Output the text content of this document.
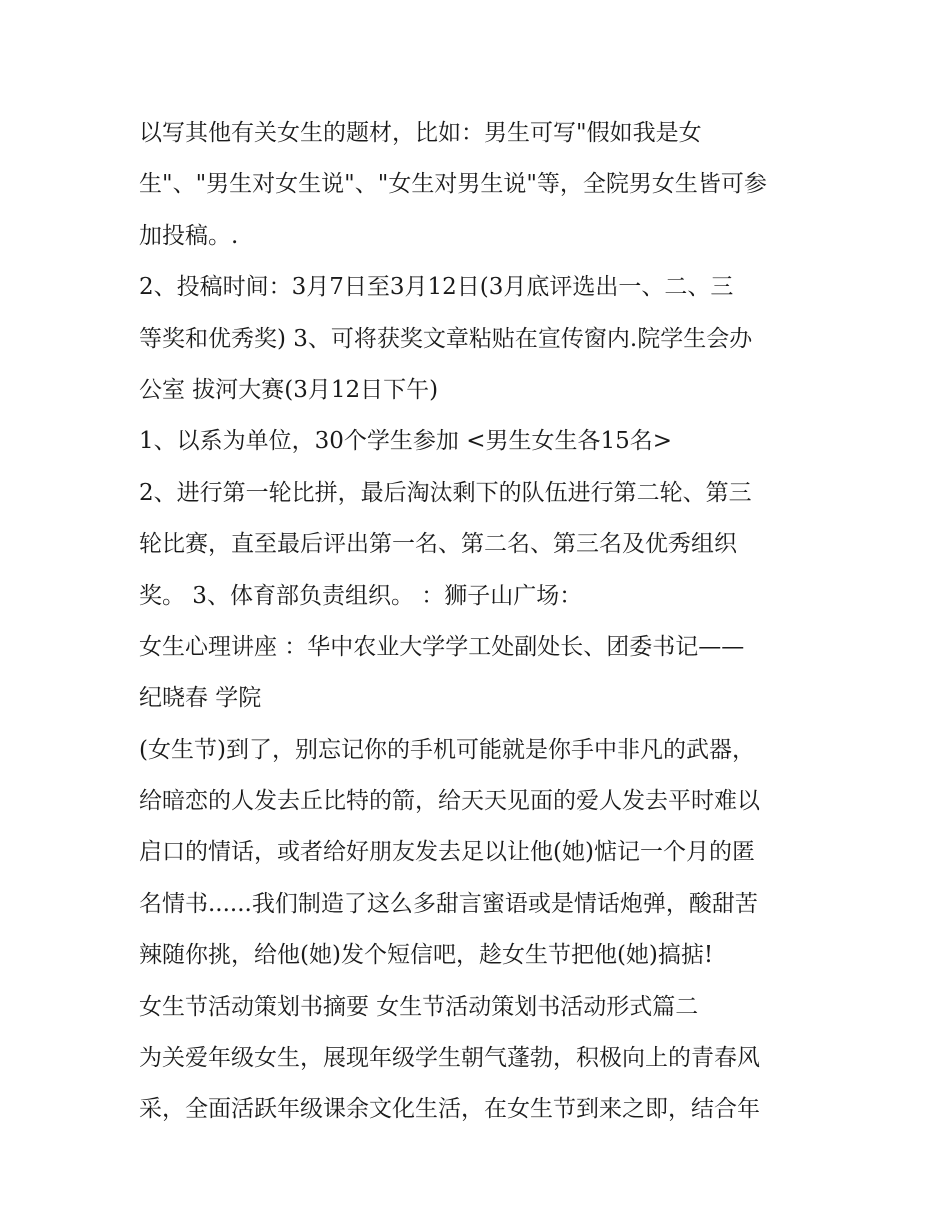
以写其他有关女生的题材，比如：男生可写"假如我是女
生"、"男生对女生说"、"女生对男生说"等，全院男女生皆可参
加投稿。.
2、投稿时间：3月7日至3月12日(3月底评选出一、二、三
等奖和优秀奖) 3、可将获奖文章粘贴在宣传窗内.院学生会办
公室 拔河大赛(3月12日下午)
1、以系为单位，30个学生参加 <男生女生各15名>
2、进行第一轮比拼，最后淘汰剩下的队伍进行第二轮、第三
轮比赛，直至最后评出第一名、第二名、第三名及优秀组织
奖。 3、体育部负责组织。 ：狮子山广场：
女生心理讲座 ：华中农业大学学工处副处长、团委书记——
纪晓春 学院
(女生节)到了，别忘记你的手机可能就是你手中非凡的武器，
给暗恋的人发去丘比特的箭，给天天见面的爱人发去平时难以
启口的情话，或者给好朋友发去足以让他(她)惦记一个月的匿
名情书......我们制造了这么多甜言蜜语或是情话炮弹，酸甜苦
辣随你挑，给他(她)发个短信吧，趁女生节把他(她)搞掂!
女生节活动策划书摘要 女生节活动策划书活动形式篇二
为关爱年级女生，展现年级学生朝气蓬勃，积极向上的青春风
采，全面活跃年级课余文化生活，在女生节到来之即，结合年
